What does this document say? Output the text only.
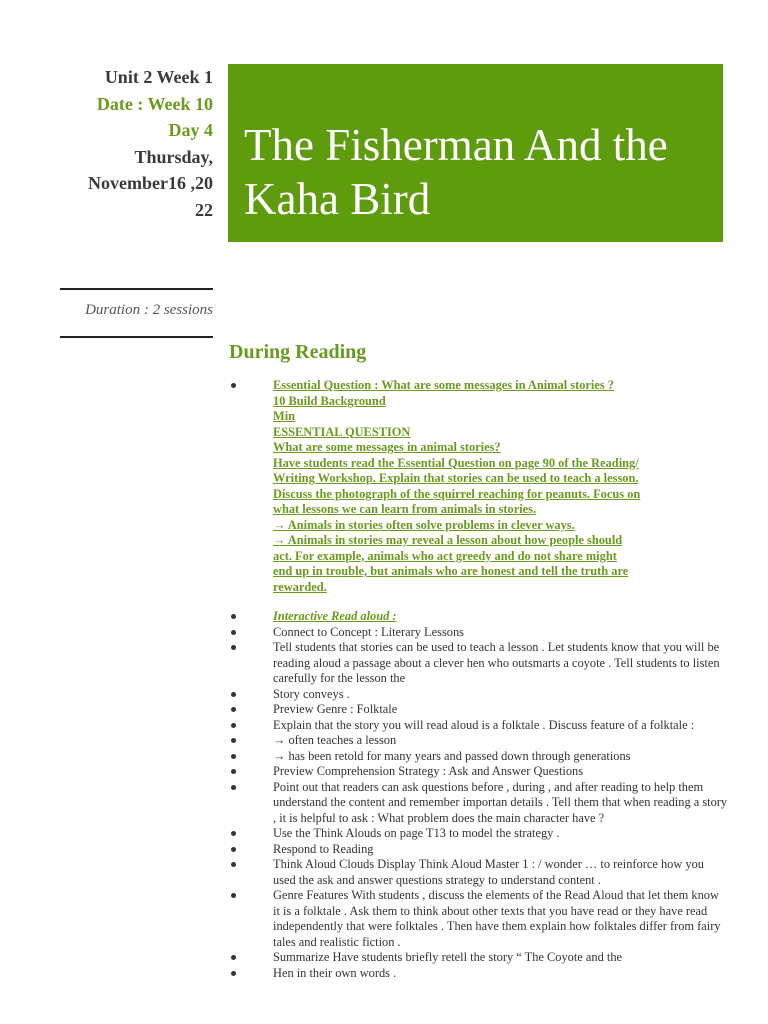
Unit 2 Week 1
Date : Week 10
Day 4
Thursday,
November16 ,20
22
The Fisherman And the Kaha Bird
Duration : 2 sessions
During Reading
Essential Question : What are some messages in Animal stories ?
10 Build Background
Min
ESSENTIAL QUESTION
What are some messages in animal stories?
Have students read the Essential Question on page 90 of the Reading/
Writing Workshop. Explain that stories can be used to teach a lesson.
Discuss the photograph of the squirrel reaching for peanuts. Focus on
what lessons we can learn from animals in stories.
→ Animals in stories often solve problems in clever ways.
→ Animals in stories may reveal a lesson about how people should
act. For example, animals who act greedy and do not share might
end up in trouble, but animals who are honest and tell the truth are
rewarded.
Interactive Read aloud :
Connect to Concept : Literary Lessons
Tell students that stories can be used to teach a lesson . Let students know that you will be reading aloud a passage about a clever hen who outsmarts a coyote . Tell students to listen carefully for the lesson the
Story conveys .
Preview Genre : Folktale
Explain that the story you will read aloud is a folktale . Discuss feature of a folktale :
→ often teaches a lesson
→ has been retold for many years and passed down through generations
Preview Comprehension Strategy : Ask and Answer Questions
Point out that readers can ask questions before , during , and after reading to help them understand the content and remember importan details . Tell them that when reading a story , it is helpful to ask : What problem does the main character have ?
Use the Think Alouds on page T13 to model the strategy .
Respond to Reading
Think Aloud Clouds Display Think Aloud Master 1 : / wonder … to reinforce how you used the ask and answer questions strategy to understand content .
Genre Features With students , discuss the elements of the Read Aloud that let them know it is a folktale . Ask them to think about other texts that you have read or they have read independently that were folktales . Then have them explain how folktales differ from fairy tales and realistic fiction .
Summarize Have students briefly retell the story “ The Coyote and the
Hen in their own words .
